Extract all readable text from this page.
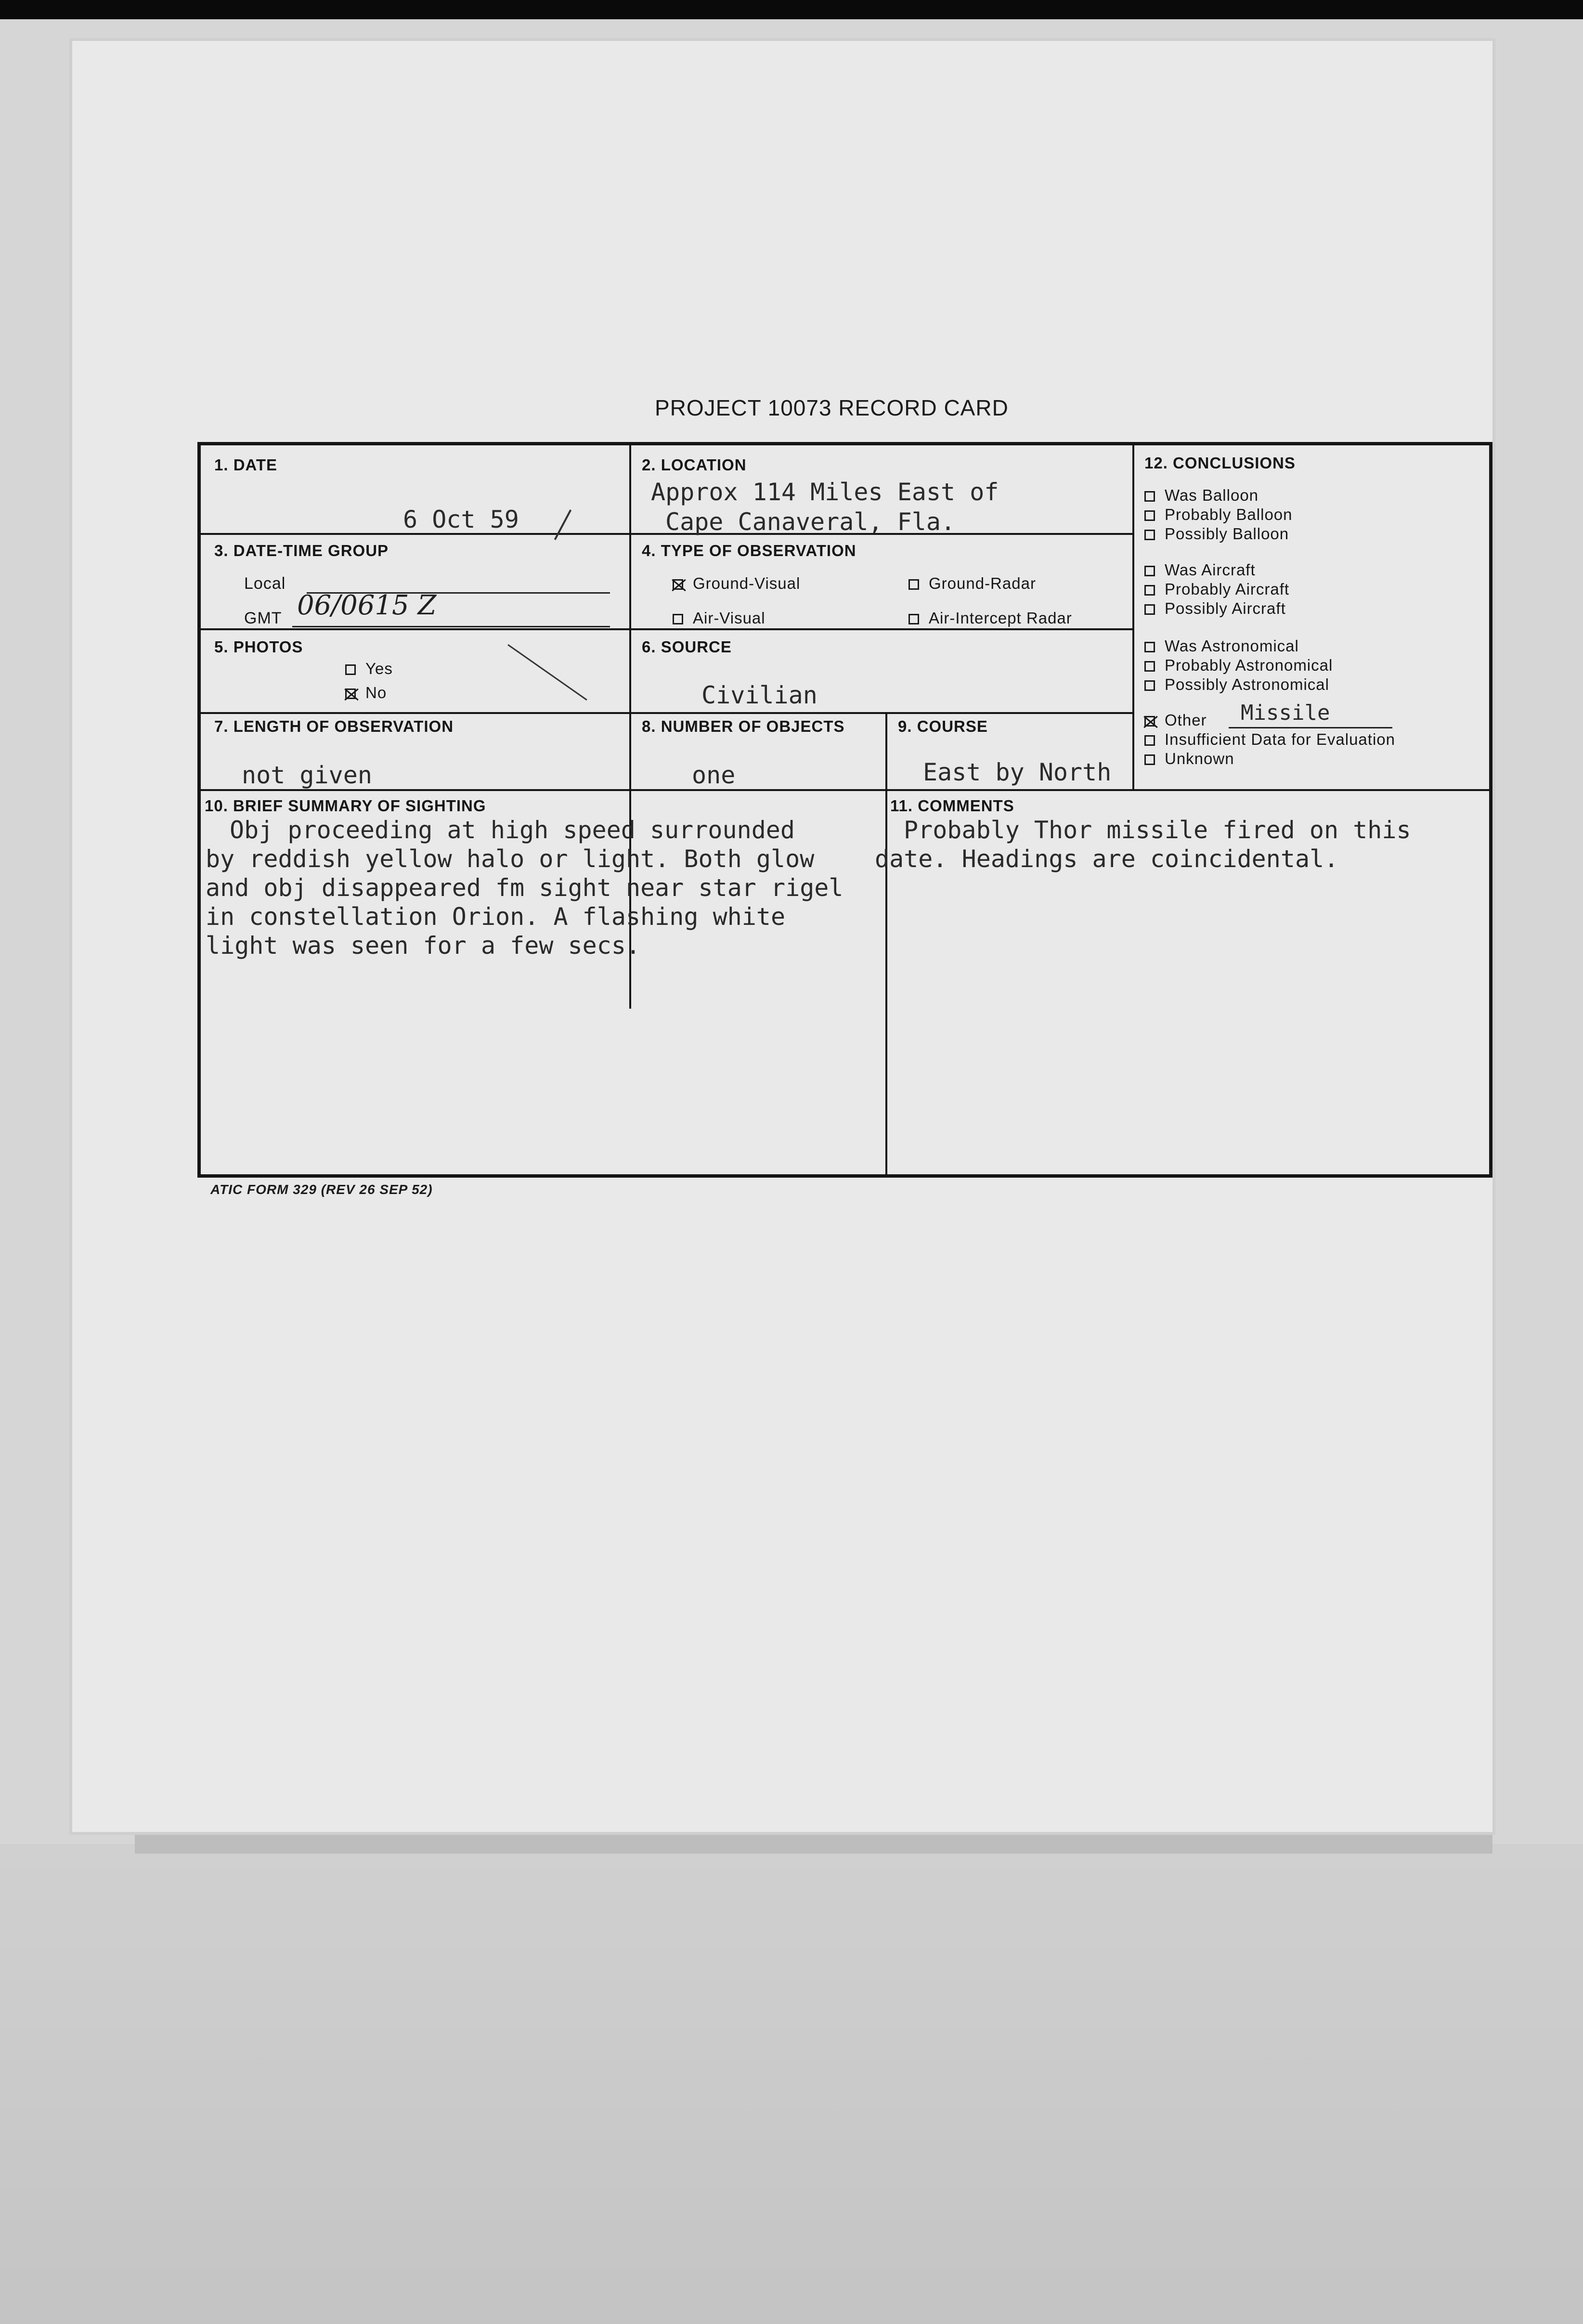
PROJECT 10073 RECORD CARD
1. DATE
6 Oct 59
2. LOCATION
Approx 114 Miles East of
Cape Canaveral, Fla.
3. DATE-TIME GROUP
Local
GMT 06/0615 Z
4. TYPE OF OBSERVATION
Ground-Visual	Ground-Radar
Air-Visual	Air-Intercept Radar
5. PHOTOS
Yes
No
6. SOURCE
Civilian
7. LENGTH OF OBSERVATION
not given
8. NUMBER OF OBJECTS
one
9. COURSE
East by North
10. BRIEF SUMMARY OF SIGHTING
Obj proceeding at high speed surrounded
by reddish yellow halo or light. Both glow
and obj disappeared fm sight near star rigel
in constellation Orion. A flashing white
light was seen for a few secs.
11. COMMENTS
Probably Thor missile fired on this
date. Headings are coincidental.
12. CONCLUSIONS
Was Balloon
Probably Balloon
Possibly Balloon
Was Aircraft
Probably Aircraft
Possibly Aircraft
Was Astronomical
Probably Astronomical
Possibly Astronomical
Other Missile
Insufficient Data for Evaluation
Unknown
ATIC FORM 329 (REV 26 SEP 52)
